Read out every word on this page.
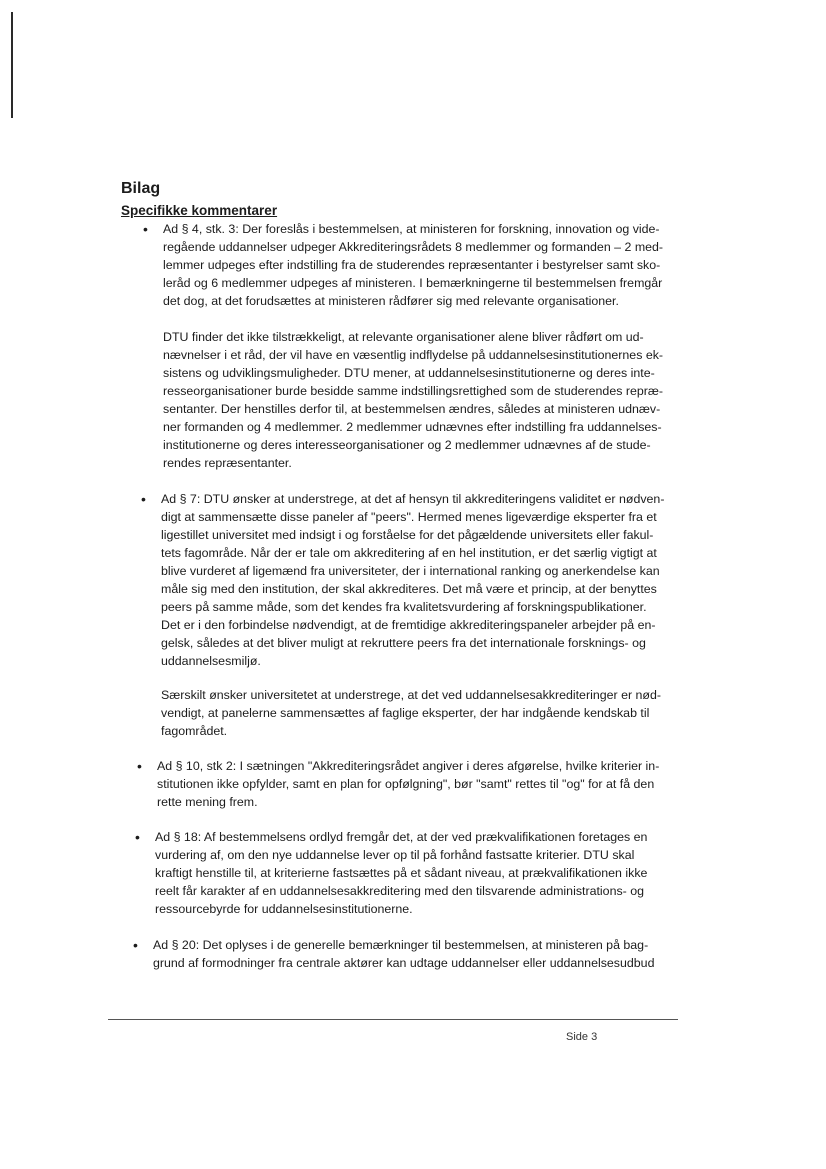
Bilag
Specifikke kommentarer
• Ad § 4, stk. 3: Der foreslås i bestemmelsen, at ministeren for forskning, innovation og vide-
regående uddannelser udpeger Akkrediteringsrådets 8 medlemmer og formanden – 2 med-
lemmer udpeges efter indstilling fra de studerendes repræsentanter i bestyrelser samt sko-
leråd og 6 medlemmer udpeges af ministeren. I bemærkningerne til bestemmelsen fremgår
det dog, at det forudsættes at ministeren rådfører sig med relevante organisationer.
DTU finder det ikke tilstrækkeligt, at relevante organisationer alene bliver rådført om ud-
nævnelser i et råd, der vil have en væsentlig indflydelse på uddannelsesinstitutionernes ek-
sistens og udviklingsmuligheder. DTU mener, at uddannelsesinstitutionerne og deres inte-
resseorganisationer burde besidde samme indstillingsrettighed som de studerendes repræ-
sentanter. Der henstilles derfor til, at bestemmelsen ændres, således at ministeren udnæv-
ner formanden og 4 medlemmer. 2 medlemmer udnævnes efter indstilling fra uddannelses-
institutionerne og deres interesseorganisationer og 2 medlemmer udnævnes af de stude-
rendes repræsentanter.
• Ad § 7: DTU ønsker at understrege, at det af hensyn til akkrediteringens validitet er nødven-
digt at sammensætte disse paneler af "peers". Hermed menes ligeværdige eksperter fra et
ligestillet universitet med indsigt i og forståelse for det pågældende universitets eller fakul-
tets fagområde. Når der er tale om akkreditering af en hel institution, er det særlig vigtigt at
blive vurderet af ligemænd fra universiteter, der i international ranking og anerkendelse kan
måle sig med den institution, der skal akkrediteres. Det må være et princip, at der benyttes
peers på samme måde, som det kendes fra kvalitetsvurdering af forskningspublikationer.
Det er i den forbindelse nødvendigt, at de fremtidige akkrediteringspaneler arbejder på en-
gelsk, således at det bliver muligt at rekruttere peers fra det internationale forsknings- og
uddannelsesmiljø.
Særskilt ønsker universitetet at understrege, at det ved uddannelsesakkrediteringer er nød-
vendigt, at panelerne sammensættes af faglige eksperter, der har indgående kendskab til
fagområdet.
• Ad § 10, stk 2: I sætningen "Akkrediteringsrådet angiver i deres afgørelse, hvilke kriterier in-
stitutionen ikke opfylder, samt en plan for opfølgning", bør "samt" rettes til "og" for at få den
rette mening frem.
• Ad § 18: Af bestemmelsens ordlyd fremgår det, at der ved prækvalifikationen foretages en
vurdering af, om den nye uddannelse lever op til på forhånd fastsatte kriterier. DTU skal
kraftigt henstille til, at kriterierne fastsættes på et sådant niveau, at prækvalifikationen ikke
reelt får karakter af en uddannelsesakkreditering med den tilsvarende administrations- og
ressourcebyrde for uddannelsesinstitutionerne.
• Ad § 20: Det oplyses i de generelle bemærkninger til bestemmelsen, at ministeren på bag-
grund af formodninger fra centrale aktører kan udtage uddannelser eller uddannelsesudbud
Side 3
